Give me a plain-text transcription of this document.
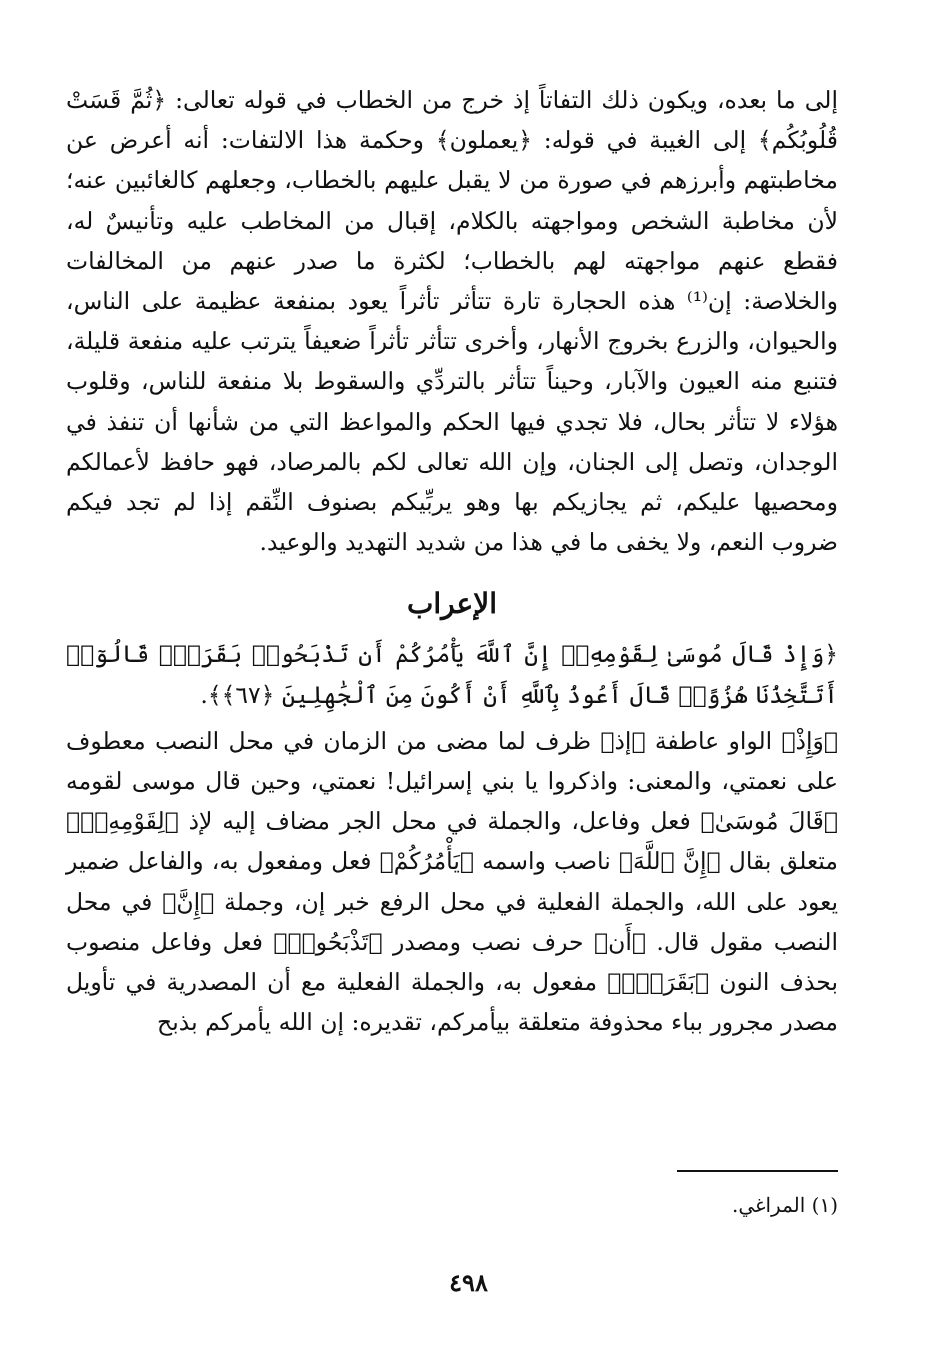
إلى ما بعده، ويكون ذلك التفاتاً إذ خرج من الخطاب في قوله تعالى: ﴿ثُمَّ قَسَتْ قُلُوبُكُم﴾ إلى الغيبة في قوله: ﴿يعملون﴾ وحكمة هذا الالتفات: أنه أعرض عن مخاطبتهم وأبرزهم في صورة من لا يقبل عليهم بالخطاب، وجعلهم كالغائبين عنه؛ لأن مخاطبة الشخص ومواجهته بالكلام، إقبال من المخاطب عليه وتأنيسٌ له، فقطع عنهم مواجهته لهم بالخطاب؛ لكثرة ما صدر عنهم من المخالفات والخلاصة: إن⁽¹⁾ هذه الحجارة تارة تتأثر تأثراً يعود بمنفعة عظيمة على الناس، والحيوان، والزرع بخروج الأنهار، وأخرى تتأثر تأثراً ضعيفاً يترتب عليه منفعة قليلة، فتنبع منه العيون والآبار، وحيناً تتأثر بالتردِّي والسقوط بلا منفعة للناس، وقلوب هؤلاء لا تتأثر بحال، فلا تجدي فيها الحكم والمواعظ التي من شأنها أن تنفذ في الوجدان، وتصل إلى الجنان، وإن الله تعالى لكم بالمرصاد، فهو حافظ لأعمالكم ومحصيها عليكم، ثم يجازيكم بها وهو يربِّيكم بصنوف النِّقم إذا لم تجد فيكم ضروب النعم، ولا يخفى ما في هذا من شديد التهديد والوعيد.

الإعراب

﴿وَإِذْ قَالَ مُوسَىٰ لِقَوْمِهِۦٓ إِنَّ ٱللَّهَ يَأْمُرُكُمْ أَن تَذْبَحُوا۟ بَقَرَةًۖ قَالُوٓا۟ أَتَتَّخِذُنَا هُزُوًاۖ قَالَ أَعُوذُ بِٱللَّهِ أَنْ أَكُونَ مِنَ ٱلْجَٰهِلِينَ ﴿٦٧﴾﴾.

﴿وَإِذْ﴾ الواو عاطفة ﴿إذ﴾ ظرف لما مضى من الزمان في محل النصب معطوف على نعمتي، والمعنى: واذكروا يا بني إسرائيل! نعمتي، وحين قال موسى لقومه ﴿قَالَ مُوسَىٰ﴾ فعل وفاعل، والجملة في محل الجر مضاف إليه لإذ ﴿لِقَوْمِهِۦٓ﴾ متعلق بقال ﴿إِنَّ ٱللَّهَ﴾ ناصب واسمه ﴿يَأْمُرُكُمْ﴾ فعل ومفعول به، والفاعل ضمير يعود على الله، والجملة الفعلية في محل الرفع خبر إن، وجملة ﴿إِنَّ﴾ في محل النصب مقول قال. ﴿أَن﴾ حرف نصب ومصدر ﴿تَذْبَحُوا۟﴾ فعل وفاعل منصوب بحذف النون ﴿بَقَرَةًۖ﴾ مفعول به، والجملة الفعلية مع أن المصدرية في تأويل مصدر مجرور بباء محذوفة متعلقة بيأمركم، تقديره: إن الله يأمركم بذبح

(١) المراغي.
٤٩٨
